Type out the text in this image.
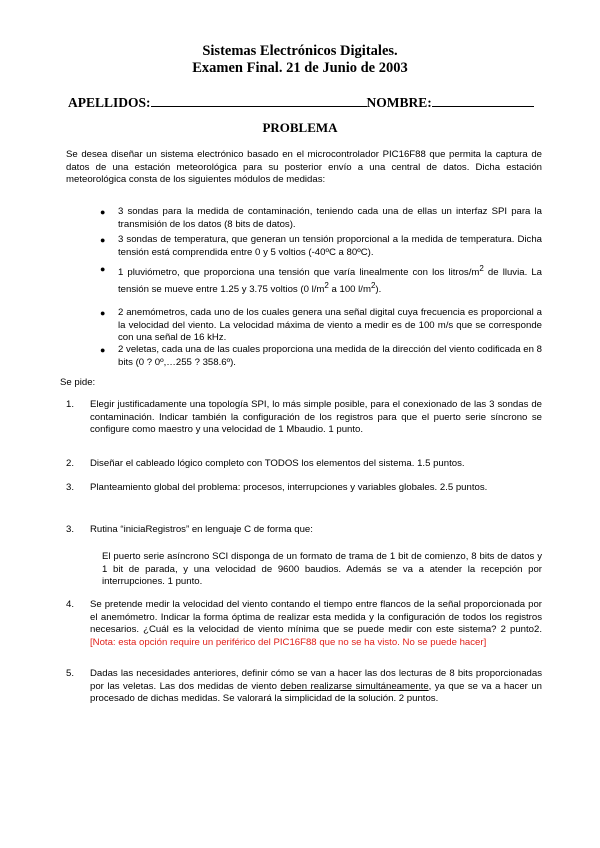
Sistemas Electrónicos Digitales.
Examen Final. 21 de Junio de 2003
APELLIDOS:	NOMBRE:
PROBLEMA
Se desea diseñar un sistema electrónico basado en el microcontrolador PIC16F88 que permita la captura de datos de una estación meteorológica para su posterior envío a una central de datos. Dicha estación meteorológica consta de los siguientes módulos de medidas:
● 3 sondas para la medida de contaminación, teniendo cada una de ellas un interfaz SPI para la transmisión de los datos (8 bits de datos).
● 3 sondas de temperatura, que generan un tensión proporcional a la medida de temperatura. Dicha tensión está comprendida entre 0 y 5 voltios (-40ºC a 80ºC).
● 1 pluviómetro, que proporciona una tensión que varía linealmente con los litros/$m^2$ de lluvia. La tensión se mueve entre 1.25 y 3.75 voltios (0 $l/m^2$ a 100 $l/m^2$).
● 2 anemómetros, cada uno de los cuales genera una señal digital cuya frecuencia es proporcional a la velocidad del viento. La velocidad máxima de viento a medir es de 100 m/s que se corresponde con una señal de 16 kHz.
● 2 veletas, cada una de las cuales proporciona una medida de la dirección del viento codificada en 8 bits (0 ? 0º,…255 ? 358.6º).
Se pide:
1. Elegir justificadamente una topología SPI, lo más simple posible, para el conexionado de las 3 sondas de contaminación. Indicar también la configuración de los registros para que el puerto serie síncrono se configure como maestro y una velocidad de 1 Mbaudio. 1 punto.
2. Diseñar el cableado lógico completo con TODOS los elementos del sistema. 1.5 puntos.
3. Planteamiento global del problema: procesos, interrupciones y variables globales. 2.5 puntos.
3. Rutina “iniciaRegistros” en lenguaje C de forma que:
El puerto serie asíncrono SCI disponga de un formato de trama de 1 bit de comienzo, 8 bits de datos y 1 bit de parada, y una velocidad de 9600 baudios. Además se va a atender la recepción por interrupciones. 1 punto.
4. Se pretende medir la velocidad del viento contando el tiempo entre flancos de la señal proporcionada por el anemómetro. Indicar la forma óptima de realizar esta medida y la configuración de todos los registros necesarios. ¿Cuál es la velocidad de viento mínima que se puede medir con este sistema? 2 punto2. [Nota: esta opción require un periférico del PIC16F88 que no se ha visto. No se puede hacer]
5. Dadas las necesidades anteriores, definir cómo se van a hacer las dos lecturas de 8 bits proporcionadas por las veletas. Las dos medidas de viento deben realizarse simultáneamente, ya que se va a hacer un procesado de dichas medidas. Se valorará la simplicidad de la solución. 2 puntos.
